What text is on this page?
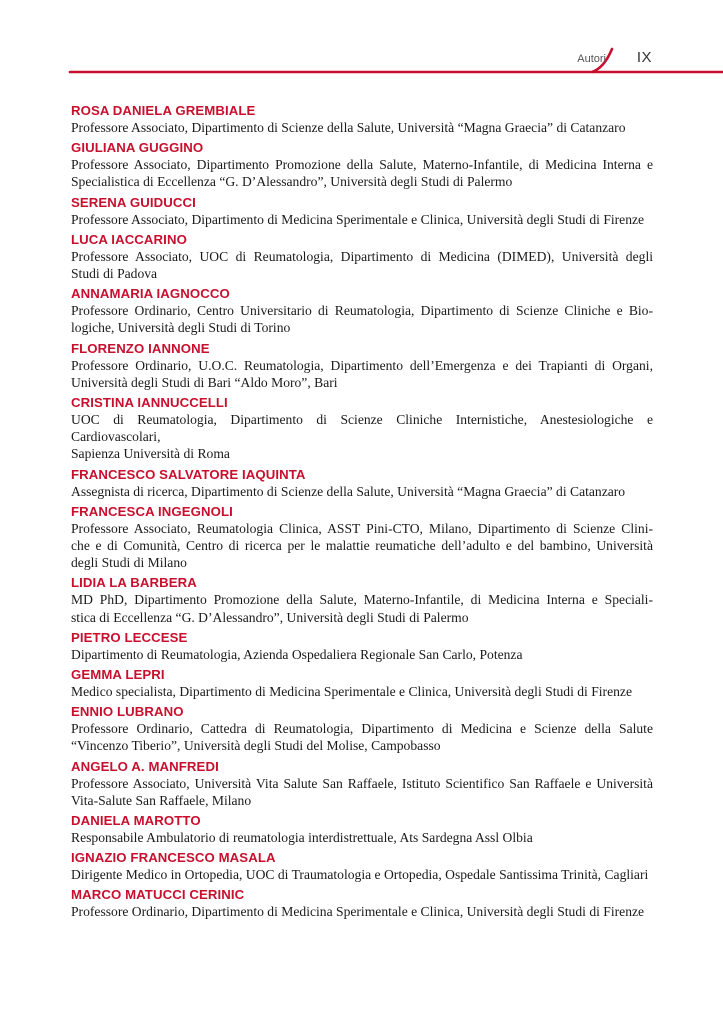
Autori IX
ROSA DANIELA GREMBIALE
Professore Associato, Dipartimento di Scienze della Salute, Università “Magna Graecia” di Catanzaro
GIULIANA GUGGINO
Professore Associato, Dipartimento Promozione della Salute, Materno-Infantile, di Medicina Interna e
Specialistica di Eccellenza “G. D’Alessandro”, Università degli Studi di Palermo
SERENA GUIDUCCI
Professore Associato, Dipartimento di Medicina Sperimentale e Clinica, Università degli Studi di Firenze
LUCA IACCARINO
Professore Associato, UOC di Reumatologia, Dipartimento di Medicina (DIMED), Università degli
Studi di Padova
ANNAMARIA IAGNOCCO
Professore Ordinario, Centro Universitario di Reumatologia, Dipartimento di Scienze Cliniche e Bio-
logiche, Università degli Studi di Torino
FLORENZO IANNONE
Professore Ordinario, U.O.C. Reumatologia, Dipartimento dell’Emergenza e dei Trapianti di Organi,
Università degli Studi di Bari “Aldo Moro”, Bari
CRISTINA IANNUCCELLI
UOC di Reumatologia, Dipartimento di Scienze Cliniche Internistiche, Anestesiologiche e Cardiovascolari,
Sapienza Università di Roma
FRANCESCO SALVATORE IAQUINTA
Assegnista di ricerca, Dipartimento di Scienze della Salute, Università “Magna Graecia” di Catanzaro
FRANCESCA INGEGNOLI
Professore Associato, Reumatologia Clinica, ASST Pini-CTO, Milano, Dipartimento di Scienze Clini-
che e di Comunità, Centro di ricerca per le malattie reumatiche dell’adulto e del bambino, Università
degli Studi di Milano
LIDIA LA BARBERA
MD PhD, Dipartimento Promozione della Salute, Materno-Infantile, di Medicina Interna e Speciali-
stica di Eccellenza “G. D’Alessandro”, Università degli Studi di Palermo
PIETRO LECCESE
Dipartimento di Reumatologia, Azienda Ospedaliera Regionale San Carlo, Potenza
GEMMA LEPRI
Medico specialista, Dipartimento di Medicina Sperimentale e Clinica, Università degli Studi di Firenze
ENNIO LUBRANO
Professore Ordinario, Cattedra di Reumatologia, Dipartimento di Medicina e Scienze della Salute
“Vincenzo Tiberio”, Università degli Studi del Molise, Campobasso
ANGELO A. MANFREDI
Professore Associato, Università Vita Salute San Raffaele, Istituto Scientifico San Raffaele e Università
Vita-Salute San Raffaele, Milano
DANIELA MAROTTO
Responsabile Ambulatorio di reumatologia interdistrettuale, Ats Sardegna Assl Olbia
IGNAZIO FRANCESCO MASALA
Dirigente Medico in Ortopedia, UOC di Traumatologia e Ortopedia, Ospedale Santissima Trinità, Cagliari
MARCO MATUCCI CERINIC
Professore Ordinario, Dipartimento di Medicina Sperimentale e Clinica, Università degli Studi di Firenze
